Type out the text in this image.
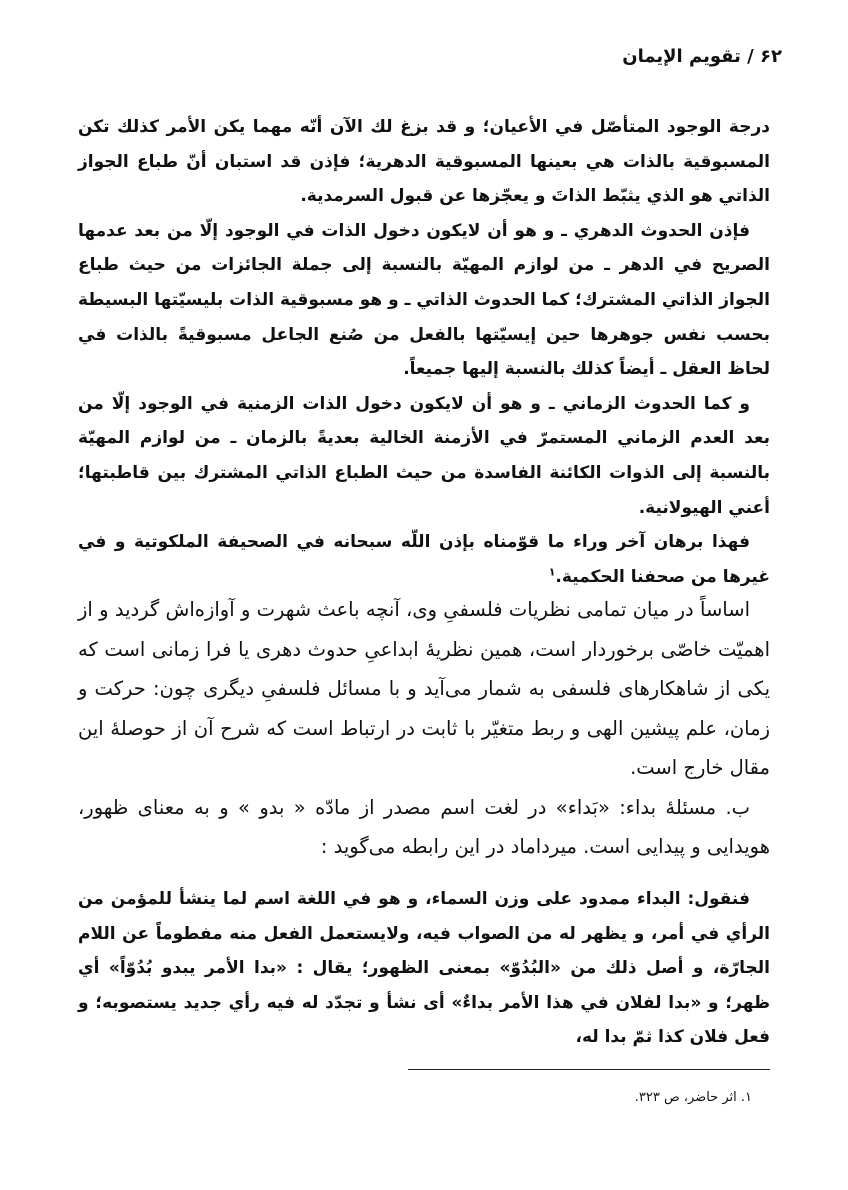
۶۲ / تقویم الإیمان

درجة الوجود المتأصّل في الأعيان؛ و قد بزغ لك الآن أنّه مهما يكن الأمر كذلك تكن المسبوقية بالذات هي بعينها المسبوقية الدهرية؛ فإذن قد استبان أنّ طباع الجواز الذاتي هو الذي يثبّط الذاتَ و يعجّزها عن قبول السرمدية.

فإذن الحدوث الدهري ـ و هو أن لايكون دخول الذات في الوجود إلّا من بعد عدمها الصريح في الدهر ـ من لوازم المهيّة بالنسبة إلى جملة الجائزات من حيث طباع الجواز الذاتي المشترك؛ كما الحدوث الذاتي ـ و هو مسبوقية الذات بليسيّتها البسيطة بحسب نفس جوهرها حين إيسيّتها بالفعل من صُنع الجاعل مسبوقيةً بالذات في لحاظ العقل ـ أيضاً كذلك بالنسبة إليها جميعاً.

و كما الحدوث الزماني ـ و هو أن لايكون دخول الذات الزمنية في الوجود إلّا من بعد العدم الزماني المستمرّ في الأزمنة الخالية بعديةً بالزمان ـ من لوازم المهيّة بالنسبة إلى الذوات الكائنة الفاسدة من حيث الطباع الذاتي المشترك بين قاطبتها؛ أعني الهيولانية.

فهذا برهان آخر وراء ما قوّمناه بإذن اللّه سبحانه في الصحيفة الملكوتية و في غيرها من صحفنا الحكمية.$^١$

اساساً در میان تمامی نظریات فلسفیِ وی، آنچه باعث شهرت و آوازه‌اش گردید و از اهمیّت خاصّی برخوردار است، همین نظریهٔ ابداعیِ حدوث دهری یا فرا زمانی است که یکی از شاهکارهای فلسفی به شمار می‌آید و با مسائل فلسفیِ دیگری چون: حرکت و زمان، علم پیشین الهی و ربط متغیّر با ثابت در ارتباط است که شرح آن از حوصلهٔ این مقال خارج است.

ب. مسئلهٔ بداء: «بَداء» در لغت اسم مصدر از مادّه « بدو » و به معنای ظهور، هویدایی و پیدایی است. میرداماد در این رابطه می‌گوید :

فنقول: البداء ممدود على وزن السماء، و هو في اللغة اسم لما ينشأ للمؤمن من الرأي في أمر، و يظهر له من الصواب فيه، ولايستعمل الفعل منه مفطوماً عن اللام الجارّة، و أصل ذلك من «البُدُوّ» بمعنى الظهور؛ يقال : «بدا الأمر يبدو بُدُوّاً» أي ظهر؛ و «بدا لفلان في هذا الأمر بداءٌ» أى نشأ و تجدّد له فيه رأي جديد يستصوبه؛ و فعل فلان كذا ثمّ بدا له،

١. اثر حاضر، ص ٣٢٣.
